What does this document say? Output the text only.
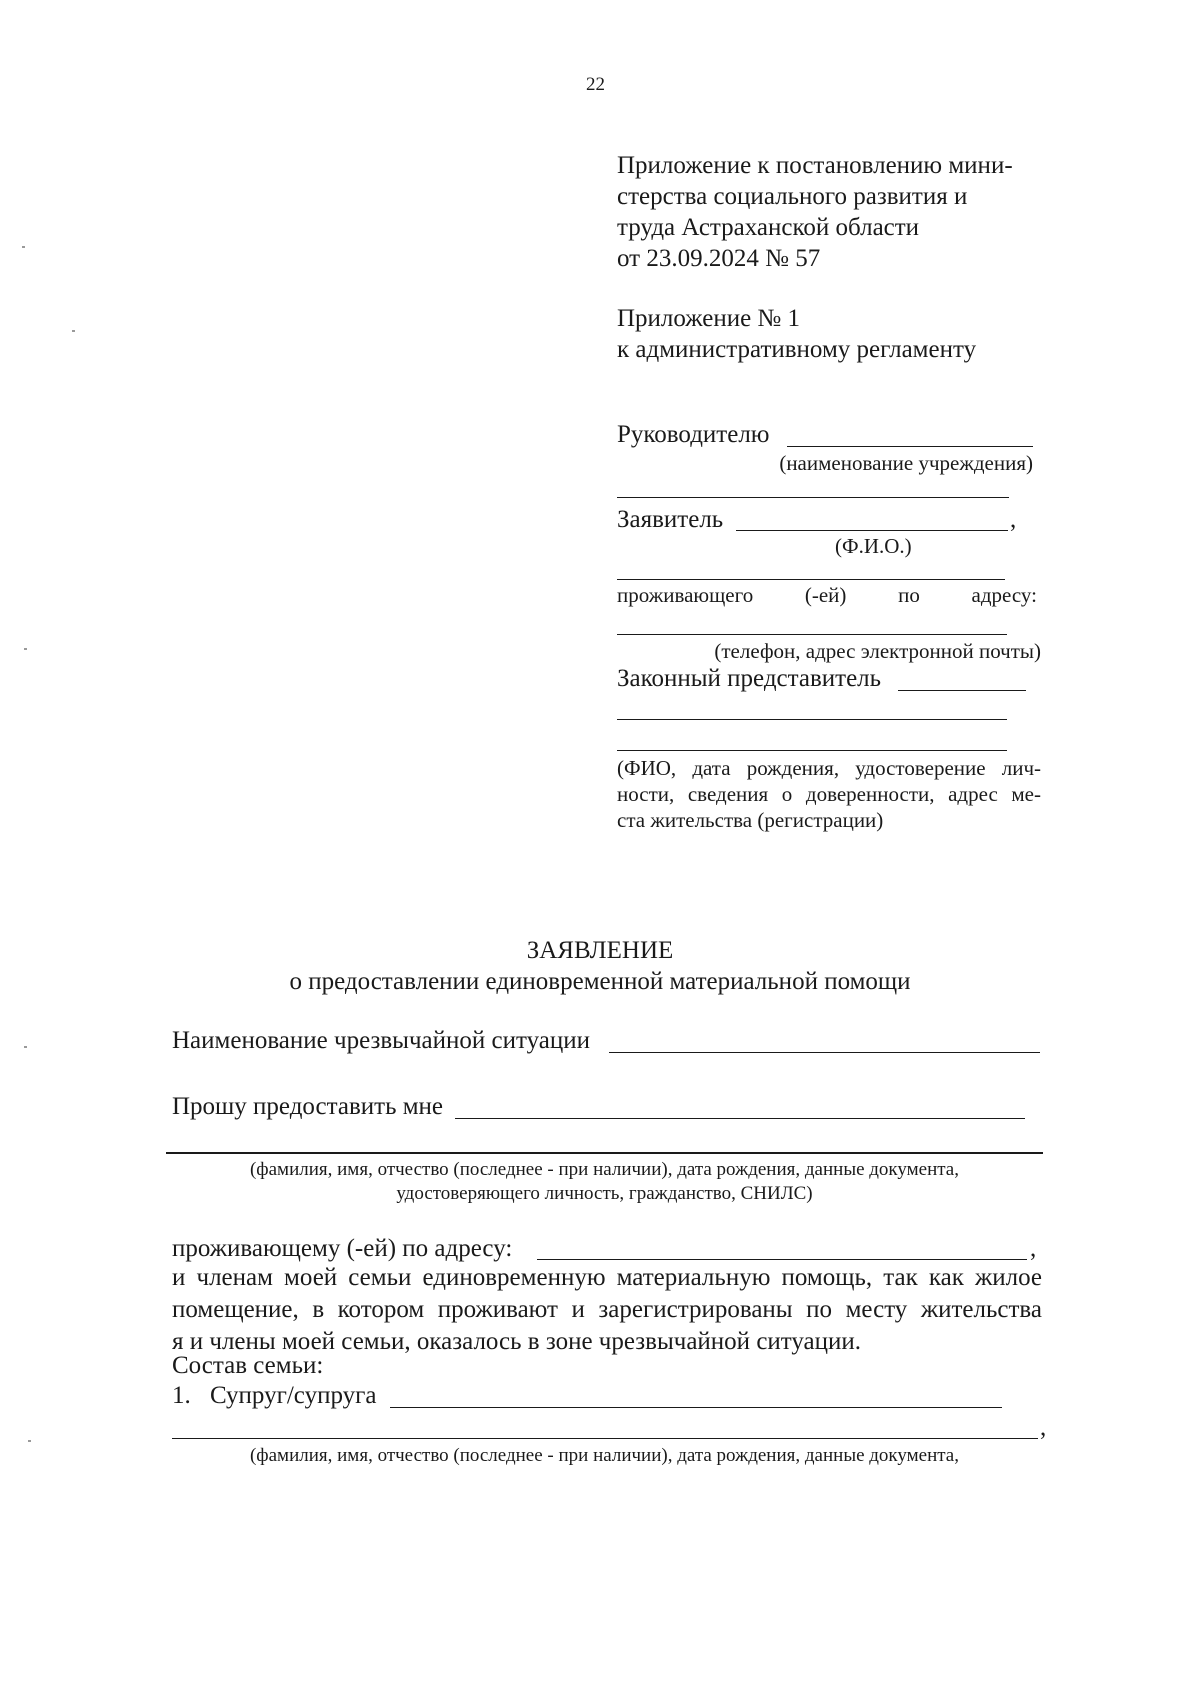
22
Приложение к постановлению мини-
стерства социального развития и
труда Астраханской области
от 23.09.2024 № 57
Приложение № 1
к административному регламенту
Руководителю
(наименование учреждения)
Заявитель	,
(Ф.И.О.)
проживающего (-ей) по адресу:
(телефон, адрес электронной почты)
Законный представитель
(ФИО, дата рождения, удостоверение лич-
ности, сведения о доверенности, адрес ме-
ста жительства (регистрации)
ЗАЯВЛЕНИЕ
о предоставлении единовременной материальной помощи
Наименование чрезвычайной ситуации
Прошу предоставить мне
(фамилия, имя, отчество (последнее - при наличии), дата рождения, данные документа,
удостоверяющего личность, гражданство, СНИЛС)
проживающему (-ей) по адресу:	,
и членам моей семьи единовременную материальную помощь, так как жилое
помещение, в котором проживают и зарегистрированы по месту жительства
я и члены моей семьи, оказалось в зоне чрезвычайной ситуации.
Состав семьи:
1. Супруг/супруга
,
(фамилия, имя, отчество (последнее - при наличии), дата рождения, данные документа,
